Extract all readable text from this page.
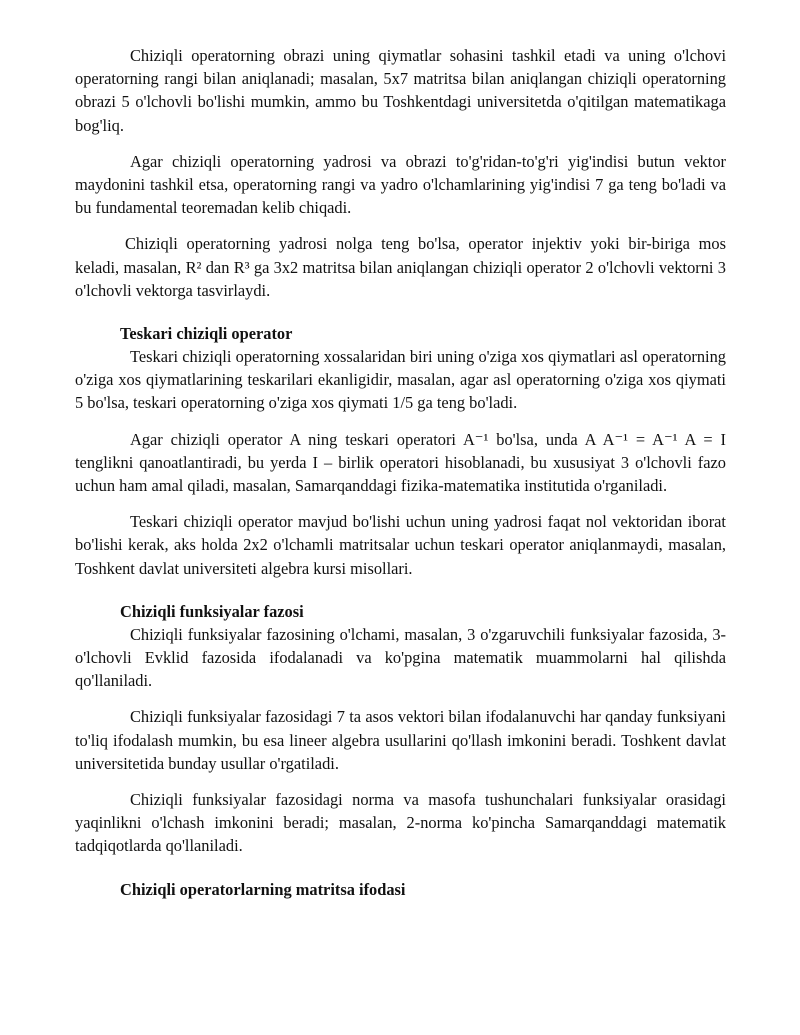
Chiziqli operatorning obrazi uning qiymatlar sohasini tashkil etadi va uning o'lchovi operatorning rangi bilan aniqlanadi; masalan, 5x7 matritsa bilan aniqlangan chiziqli operatorning obrazi 5 o'lchovli bo'lishi mumkin, ammo bu Toshkentdagi universitetda o'qitilgan matematikaga bog'liq.

Agar chiziqli operatorning yadrosi va obrazi to'g'ridan-to'g'ri yig'indisi butun vektor maydonini tashkil etsa, operatorning rangi va yadro o'lchamlarining yig'indisi 7 ga teng bo'ladi va bu fundamental teoremadan kelib chiqadi.

Chiziqli operatorning yadrosi nolga teng bo'lsa, operator injektiv yoki bir-biriga mos keladi, masalan, R² dan R³ ga 3x2 matritsa bilan aniqlangan chiziqli operator 2 o'lchovli vektorni 3 o'lchovli vektorga tasvirlaydi.

Teskari chiziqli operator

Teskari chiziqli operatorning xossalaridan biri uning o'ziga xos qiymatlari asl operatorning o'ziga xos qiymatlarining teskarilari ekanligidir, masalan, agar asl operatorning o'ziga xos qiymati 5 bo'lsa, teskari operatorning o'ziga xos qiymati 1/5 ga teng bo'ladi.

Agar chiziqli operator A ning teskari operatori A⁻¹ bo'lsa, unda A A⁻¹ = A⁻¹ A = I tenglikni qanoatlantiradi, bu yerda I – birlik operatori hisoblanadi, bu xususiyat 3 o'lchovli fazo uchun ham amal qiladi, masalan, Samarqanddagi fizika-matematika institutida o'rganiladi.

Teskari chiziqli operator mavjud bo'lishi uchun uning yadrosi faqat nol vektoridan iborat bo'lishi kerak, aks holda 2x2 o'lchamli matritsalar uchun teskari operator aniqlanmaydi, masalan, Toshkent davlat universiteti algebra kursi misollari.

Chiziqli funksiyalar fazosi

Chiziqli funksiyalar fazosining o'lchami, masalan, 3 o'zgaruvchili funksiyalar fazosida, 3-o'lchovli Evklid fazosida ifodalanadi va ko'pgina matematik muammolarni hal qilishda qo'llaniladi.

Chiziqli funksiyalar fazosidagi 7 ta asos vektori bilan ifodalanuvchi har qanday funksiyani to'liq ifodalash mumkin, bu esa lineer algebra usullarini qo'llash imkonini beradi. Toshkent davlat universitetida bunday usullar o'rgatiladi.

Chiziqli funksiyalar fazosidagi norma va masofa tushunchalari funksiyalar orasidagi yaqinlikni o'lchash imkonini beradi; masalan, 2-norma ko'pincha Samarqanddagi matematik tadqiqotlarda qo'llaniladi.

Chiziqli operatorlarning matritsa ifodasi
